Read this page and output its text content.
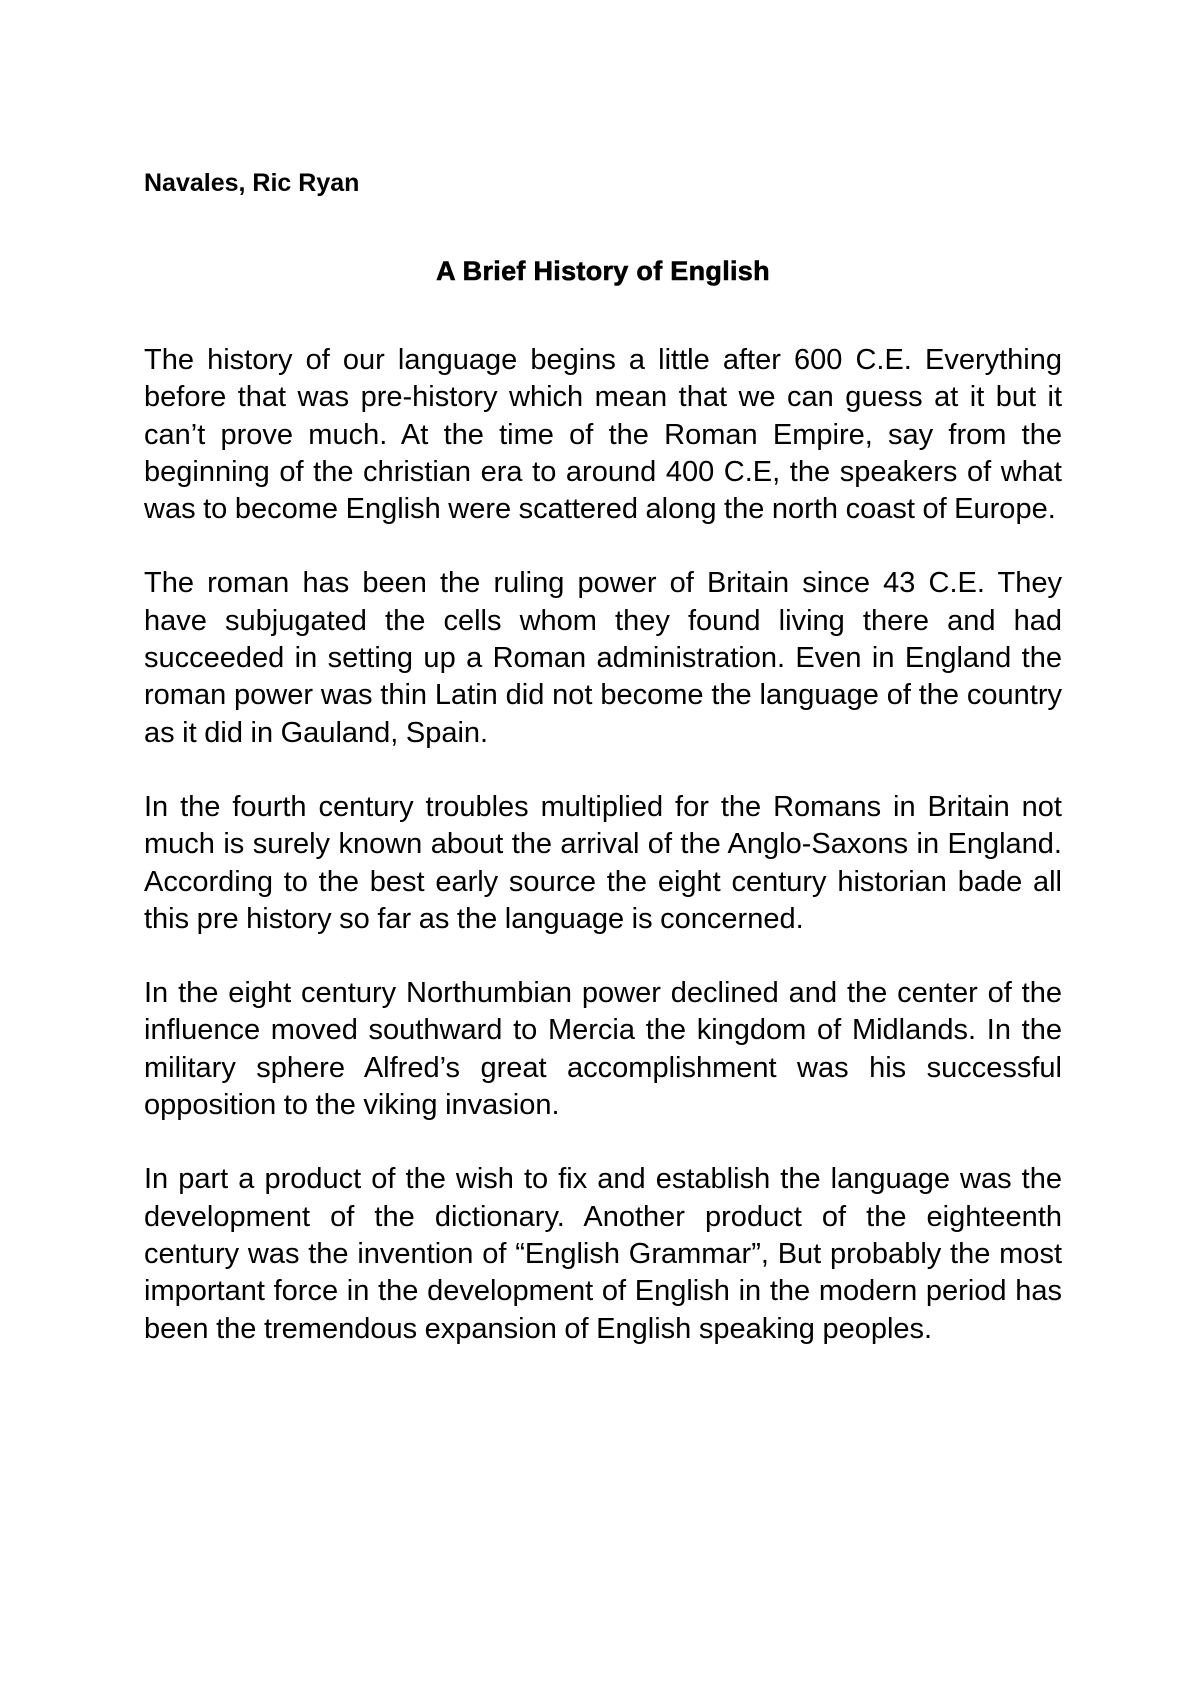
Navales, Ric Ryan
A Brief History of English

The history of our language begins a little after 600 C.E. Everything before that was pre-history which mean that we can guess at it but it can’t prove much. At the time of the Roman Empire, say from the beginning of the christian era to around 400 C.E, the speakers of what was to become English were scattered along the north coast of Europe.

The roman has been the ruling power of Britain since 43 C.E. They have subjugated the cells whom they found living there and had succeeded in setting up a Roman administration. Even in England the roman power was thin Latin did not become the language of the country as it did in Gauland, Spain.

In the fourth century troubles multiplied for the Romans in Britain not much is surely known about the arrival of the Anglo-Saxons in England. According to the best early source the eight century historian bade all this pre history so far as the language is concerned.

In the eight century Northumbian power declined and the center of the influence moved southward to Mercia the kingdom of Midlands. In the military sphere Alfred’s great accomplishment was his successful opposition to the viking invasion.

In part a product of the wish to fix and establish the language was the development of the dictionary. Another product of the eighteenth century was the invention of “English Grammar”, But probably the most important force in the development of English in the modern period has been the tremendous expansion of English speaking peoples.
